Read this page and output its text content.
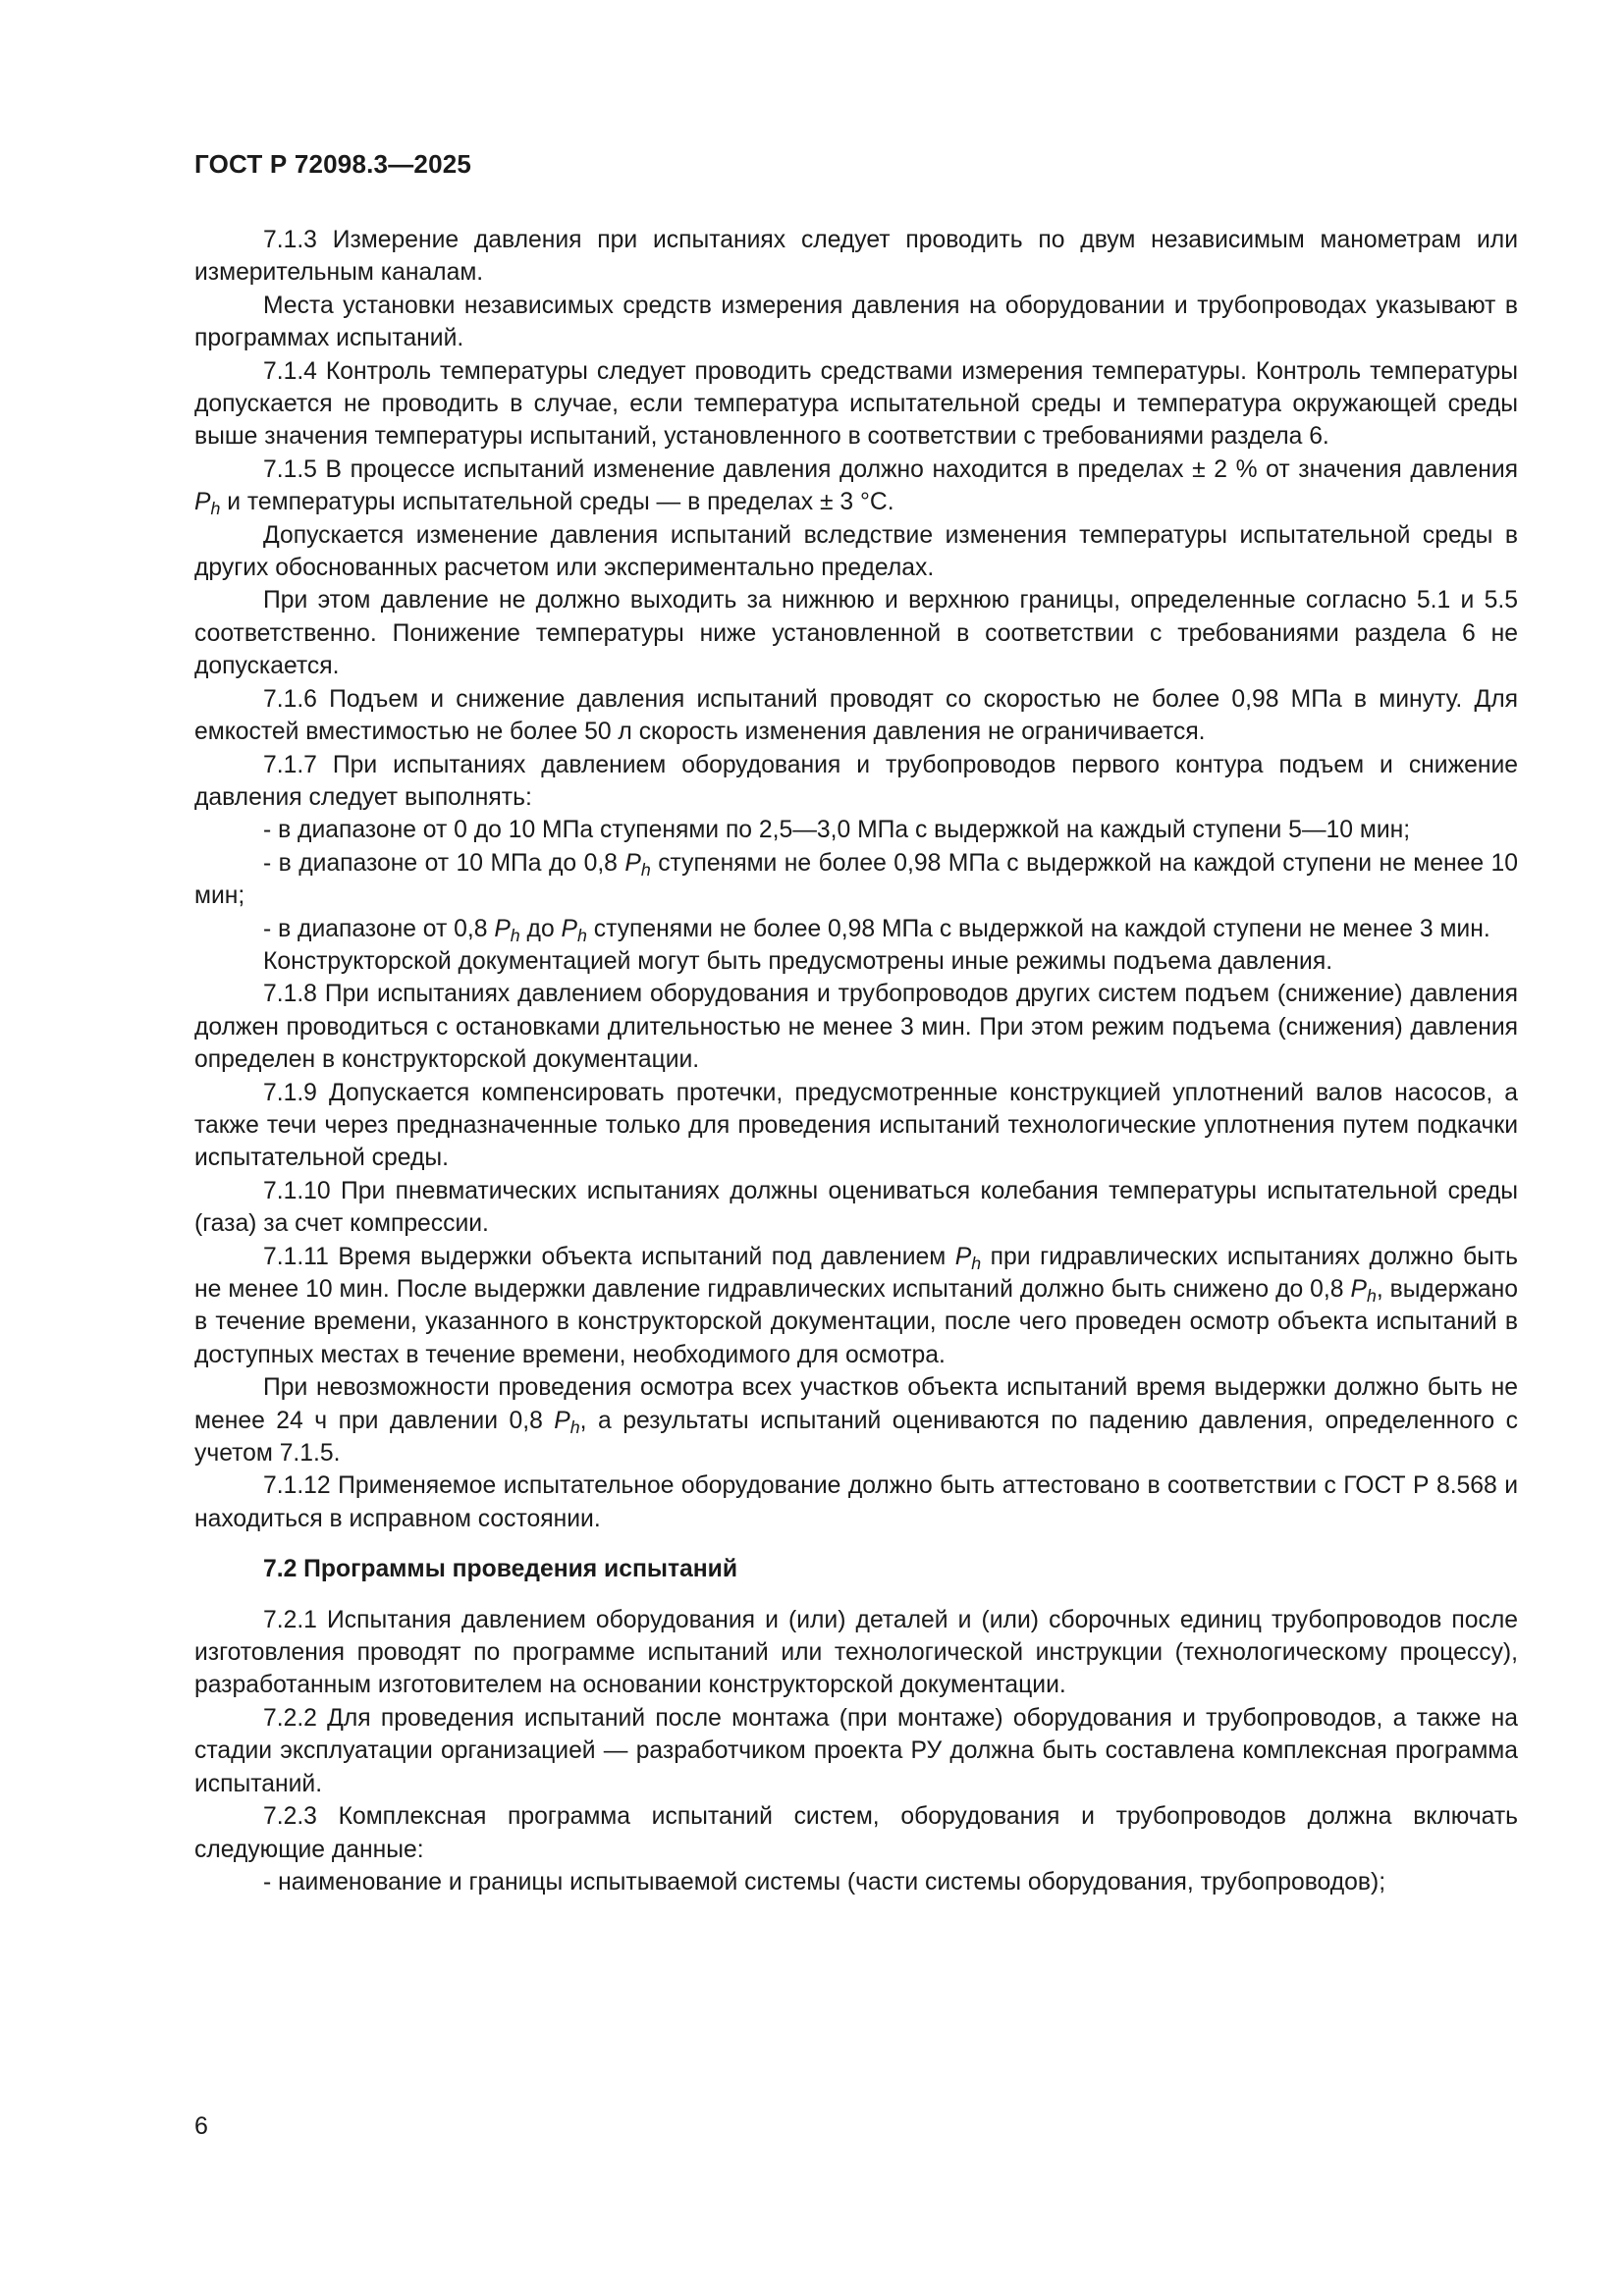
ГОСТ Р 72098.3—2025

7.1.3 Измерение давления при испытаниях следует проводить по двум независимым манометрам или измерительным каналам.

Места установки независимых средств измерения давления на оборудовании и трубопроводах указывают в программах испытаний.

7.1.4 Контроль температуры следует проводить средствами измерения температуры. Контроль температуры допускается не проводить в случае, если температура испытательной среды и температура окружающей среды выше значения температуры испытаний, установленного в соответствии с требованиями раздела 6.

7.1.5 В процессе испытаний изменение давления должно находится в пределах ± 2 % от значения давления $P_h$ и температуры испытательной среды — в пределах ± 3 °С.

Допускается изменение давления испытаний вследствие изменения температуры испытательной среды в других обоснованных расчетом или экспериментально пределах.

При этом давление не должно выходить за нижнюю и верхнюю границы, определенные согласно 5.1 и 5.5 соответственно. Понижение температуры ниже установленной в соответствии с требованиями раздела 6 не допускается.

7.1.6 Подъем и снижение давления испытаний проводят со скоростью не более 0,98 МПа в минуту. Для емкостей вместимостью не более 50 л скорость изменения давления не ограничивается.

7.1.7 При испытаниях давлением оборудования и трубопроводов первого контура подъем и снижение давления следует выполнять:

- в диапазоне от 0 до 10 МПа ступенями по 2,5—3,0 МПа с выдержкой на каждый ступени 5—10 мин;

- в диапазоне от 10 МПа до 0,8 $P_h$ ступенями не более 0,98 МПа с выдержкой на каждой ступени не менее 10 мин;

- в диапазоне от 0,8 $P_h$ до $P_h$ ступенями не более 0,98 МПа с выдержкой на каждой ступени не менее 3 мин.

Конструкторской документацией могут быть предусмотрены иные режимы подъема давления.

7.1.8 При испытаниях давлением оборудования и трубопроводов других систем подъем (снижение) давления должен проводиться с остановками длительностью не менее 3 мин. При этом режим подъема (снижения) давления определен в конструкторской документации.

7.1.9 Допускается компенсировать протечки, предусмотренные конструкцией уплотнений валов насосов, а также течи через предназначенные только для проведения испытаний технологические уплотнения путем подкачки испытательной среды.

7.1.10 При пневматических испытаниях должны оцениваться колебания температуры испытательной среды (газа) за счет компрессии.

7.1.11 Время выдержки объекта испытаний под давлением $P_h$ при гидравлических испытаниях должно быть не менее 10 мин. После выдержки давление гидравлических испытаний должно быть снижено до 0,8 $P_h$, выдержано в течение времени, указанного в конструкторской документации, после чего проведен осмотр объекта испытаний в доступных местах в течение времени, необходимого для осмотра.

При невозможности проведения осмотра всех участков объекта испытаний время выдержки должно быть не менее 24 ч при давлении 0,8 $P_h$, а результаты испытаний оцениваются по падению давления, определенного с учетом 7.1.5.

7.1.12 Применяемое испытательное оборудование должно быть аттестовано в соответствии с ГОСТ Р 8.568 и находиться в исправном состоянии.

7.2 Программы проведения испытаний

7.2.1 Испытания давлением оборудования и (или) деталей и (или) сборочных единиц трубопроводов после изготовления проводят по программе испытаний или технологической инструкции (технологическому процессу), разработанным изготовителем на основании конструкторской документации.

7.2.2 Для проведения испытаний после монтажа (при монтаже) оборудования и трубопроводов, а также на стадии эксплуатации организацией — разработчиком проекта РУ должна быть составлена комплексная программа испытаний.

7.2.3 Комплексная программа испытаний систем, оборудования и трубопроводов должна включать следующие данные:

- наименование и границы испытываемой системы (части системы оборудования, трубопроводов);

6
